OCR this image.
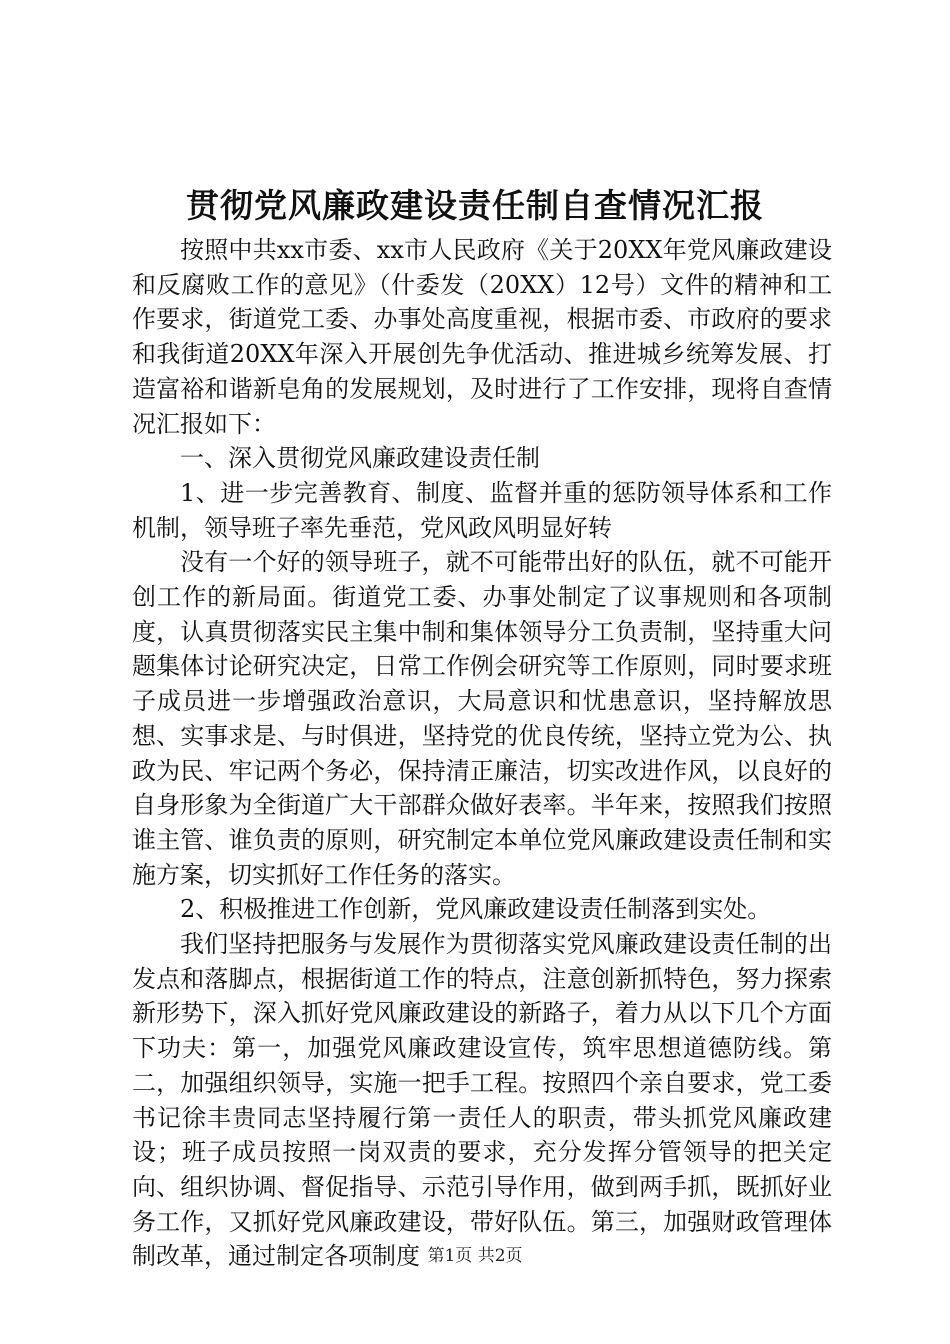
贯彻党风廉政建设责任制自查情况汇报

按照中共xx市委、xx市人民政府《关于20XX年党风廉政建设和反腐败工作的意见》（什委发（20XX）12号）文件的精神和工作要求，街道党工委、办事处高度重视，根据市委、市政府的要求和我街道20XX年深入开展创先争优活动、推进城乡统筹发展、打造富裕和谐新皂角的发展规划，及时进行了工作安排，现将自查情况汇报如下：

一、深入贯彻党风廉政建设责任制

1、进一步完善教育、制度、监督并重的惩防领导体系和工作机制，领导班子率先垂范，党风政风明显好转

没有一个好的领导班子，就不可能带出好的队伍，就不可能开创工作的新局面。街道党工委、办事处制定了议事规则和各项制度，认真贯彻落实民主集中制和集体领导分工负责制，坚持重大问题集体讨论研究决定，日常工作例会研究等工作原则，同时要求班子成员进一步增强政治意识，大局意识和忧患意识，坚持解放思想、实事求是、与时俱进，坚持党的优良传统，坚持立党为公、执政为民、牢记两个务必，保持清正廉洁，切实改进作风，以良好的自身形象为全街道广大干部群众做好表率。半年来，按照我们按照谁主管、谁负责的原则，研究制定本单位党风廉政建设责任制和实施方案，切实抓好工作任务的落实。

2、积极推进工作创新，党风廉政建设责任制落到实处。

我们坚持把服务与发展作为贯彻落实党风廉政建设责任制的出发点和落脚点，根据街道工作的特点，注意创新抓特色，努力探索新形势下，深入抓好党风廉政建设的新路子，着力从以下几个方面下功夫：第一，加强党风廉政建设宣传，筑牢思想道德防线。第二，加强组织领导，实施一把手工程。按照四个亲自要求，党工委书记徐丰贵同志坚持履行第一责任人的职责，带头抓党风廉政建设；班子成员按照一岗双责的要求，充分发挥分管领导的把关定向、组织协调、督促指导、示范引导作用，做到两手抓，既抓好业务工作，又抓好党风廉政建设，带好队伍。第三，加强财政管理体制改革，通过制定各项制度 第1页 共2页
